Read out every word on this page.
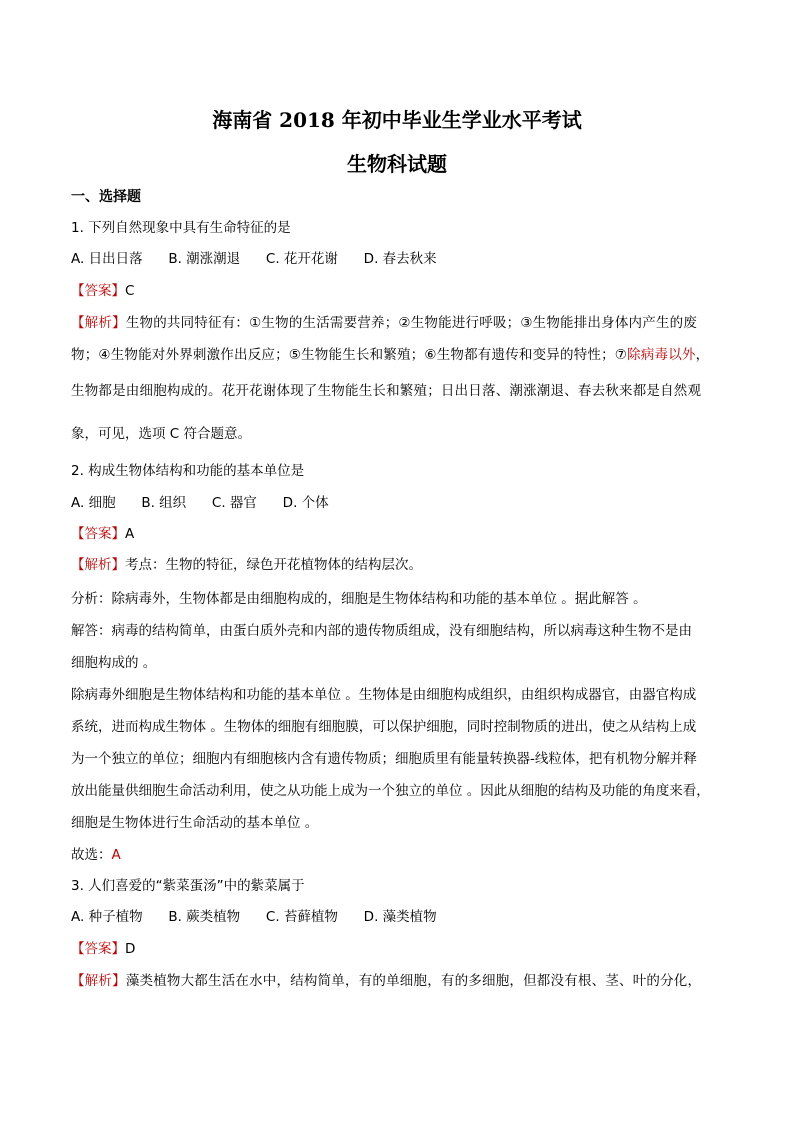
海南省 2018 年初中毕业生学业水平考试
生物科试题
一、选择题
1. 下列自然现象中具有生命特征的是
A. 日出日落      B. 潮涨潮退      C. 花开花谢      D. 春去秋来
【答案】C
【解析】生物的共同特征有：①生物的生活需要营养；②生物能进行呼吸；③生物能排出身体内产生的废
物；④生物能对外界刺激作出反应；⑤生物能生长和繁殖；⑥生物都有遗传和变异的特性；⑦除病毒以外，
生物都是由细胞构成的。花开花谢体现了生物能生长和繁殖；日出日落、潮涨潮退、春去秋来都是自然观
象，可见，选项 C 符合题意。
2. 构成生物体结构和功能的基本单位是
A. 细胞      B. 组织      C. 器官      D. 个体
【答案】A
【解析】考点：生物的特征，绿色开花植物体的结构层次。
分析：除病毒外，生物体都是由细胞构成的，细胞是生物体结构和功能的基本单位 。据此解答 。
解答：病毒的结构简单，由蛋白质外壳和内部的遗传物质组成，没有细胞结构，所以病毒这种生物不是由
细胞构成的 。
除病毒外细胞是生物体结构和功能的基本单位 。生物体是由细胞构成组织，由组织构成器官，由器官构成
系统，进而构成生物体 。生物体的细胞有细胞膜，可以保护细胞，同时控制物质的进出，使之从结构上成
为一个独立的单位；细胞内有细胞核内含有遗传物质；细胞质里有能量转换器-线粒体，把有机物分解并释
放出能量供细胞生命活动利用，使之从功能上成为一个独立的单位 。因此从细胞的结构及功能的角度来看，
细胞是生物体进行生命活动的基本单位 。
故选：A
3. 人们喜爱的“紫菜蛋汤”中的紫菜属于
A. 种子植物      B. 蕨类植物      C. 苔藓植物      D. 藻类植物
【答案】D
【解析】藻类植物大都生活在水中，结构简单，有的单细胞，有的多细胞，但都没有根、茎、叶的分化，
